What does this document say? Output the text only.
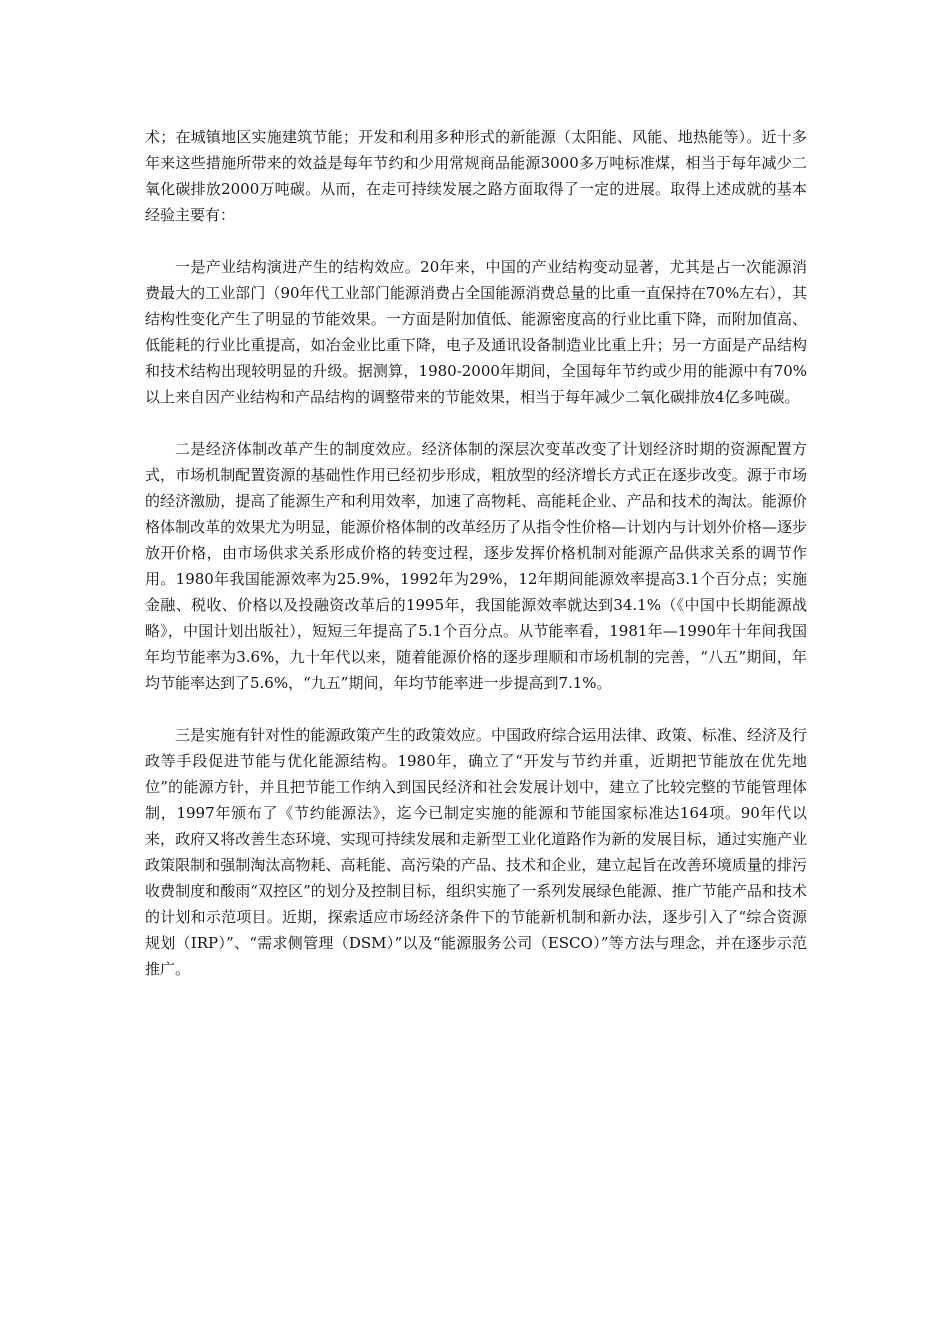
术；在城镇地区实施建筑节能；开发和利用多种形式的新能源（太阳能、风能、地热能等）。近十多年来这些措施所带来的效益是每年节约和少用常规商品能源3000多万吨标准煤，相当于每年减少二氧化碳排放2000万吨碳。从而，在走可持续发展之路方面取得了一定的进展。取得上述成就的基本经验主要有：

一是产业结构演进产生的结构效应。20年来，中国的产业结构变动显著，尤其是占一次能源消费最大的工业部门（90年代工业部门能源消费占全国能源消费总量的比重一直保持在70%左右），其结构性变化产生了明显的节能效果。一方面是附加值低、能源密度高的行业比重下降，而附加值高、低能耗的行业比重提高，如冶金业比重下降，电子及通讯设备制造业比重上升；另一方面是产品结构和技术结构出现较明显的升级。据测算，1980-2000年期间，全国每年节约或少用的能源中有70%以上来自因产业结构和产品结构的调整带来的节能效果，相当于每年减少二氧化碳排放4亿多吨碳。

二是经济体制改革产生的制度效应。经济体制的深层次变革改变了计划经济时期的资源配置方式，市场机制配置资源的基础性作用已经初步形成，粗放型的经济增长方式正在逐步改变。源于市场的经济激励，提高了能源生产和利用效率，加速了高物耗、高能耗企业、产品和技术的淘汰。能源价格体制改革的效果尤为明显，能源价格体制的改革经历了从指令性价格—计划内与计划外价格—逐步放开价格，由市场供求关系形成价格的转变过程，逐步发挥价格机制对能源产品供求关系的调节作用。1980年我国能源效率为25.9%，1992年为29%，12年期间能源效率提高3.1个百分点；实施金融、税收、价格以及投融资改革后的1995年，我国能源效率就达到34.1%（《中国中长期能源战略》，中国计划出版社），短短三年提高了5.1个百分点。从节能率看，1981年—1990年十年间我国年均节能率为3.6%，九十年代以来，随着能源价格的逐步理顺和市场机制的完善，“八五”期间，年均节能率达到了5.6%，“九五”期间，年均节能率进一步提高到7.1%。

三是实施有针对性的能源政策产生的政策效应。中国政府综合运用法律、政策、标准、经济及行政等手段促进节能与优化能源结构。1980年，确立了“开发与节约并重，近期把节能放在优先地位”的能源方针，并且把节能工作纳入到国民经济和社会发展计划中，建立了比较完整的节能管理体制，1997年颁布了《节约能源法》，迄今已制定实施的能源和节能国家标准达164项。90年代以来，政府又将改善生态环境、实现可持续发展和走新型工业化道路作为新的发展目标，通过实施产业政策限制和强制淘汰高物耗、高耗能、高污染的产品、技术和企业，建立起旨在改善环境质量的排污收费制度和酸雨“双控区”的划分及控制目标，组织实施了一系列发展绿色能源、推广节能产品和技术的计划和示范项目。近期，探索适应市场经济条件下的节能新机制和新办法，逐步引入了“综合资源规划（IRP）”、“需求侧管理（DSM）”以及“能源服务公司（ESCO）”等方法与理念，并在逐步示范推广。
